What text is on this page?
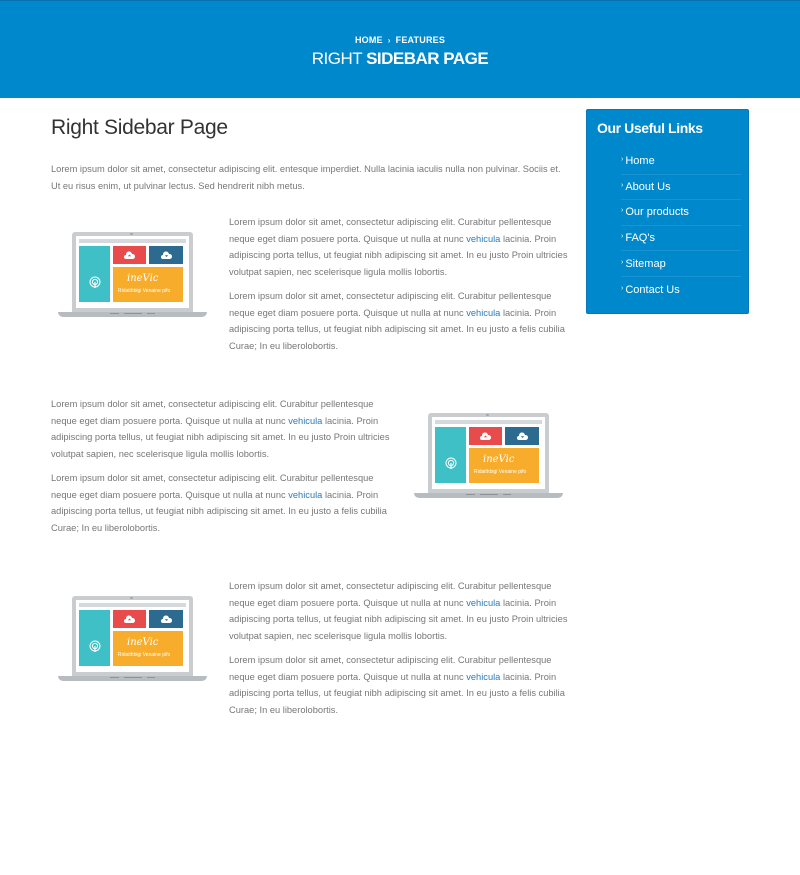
HOME › FEATURES
RIGHT SIDEBAR PAGE
Right Sidebar Page

Lorem ipsum dolor sit amet, consectetur adipiscing elit. entesque imperdiet. Nulla lacinia iaculis nulla non pulvinar. Sociis et. Ut eu risus enim, ut pulvinar lectus. Sed hendrerit nibh metus.

ineVic
Ridaithbigi Venaine pifo

Lorem ipsum dolor sit amet, consectetur adipiscing elit. Curabitur pellentesque neque eget diam posuere porta. Quisque ut nulla at nunc vehicula lacinia. Proin adipiscing porta tellus, ut feugiat nibh adipiscing sit amet. In eu justo Proin ultricies volutpat sapien, nec scelerisque ligula mollis lobortis.

Lorem ipsum dolor sit amet, consectetur adipiscing elit. Curabitur pellentesque neque eget diam posuere porta. Quisque ut nulla at nunc vehicula lacinia. Proin adipiscing porta tellus, ut feugiat nibh adipiscing sit amet. In eu justo a felis cubilia Curae; In eu liberolobortis.

Lorem ipsum dolor sit amet, consectetur adipiscing elit. Curabitur pellentesque neque eget diam posuere porta. Quisque ut nulla at nunc vehicula lacinia. Proin adipiscing porta tellus, ut feugiat nibh adipiscing sit amet. In eu justo Proin ultricies volutpat sapien, nec scelerisque ligula mollis lobortis.

Lorem ipsum dolor sit amet, consectetur adipiscing elit. Curabitur pellentesque neque eget diam posuere porta. Quisque ut nulla at nunc vehicula lacinia. Proin adipiscing porta tellus, ut feugiat nibh adipiscing sit amet. In eu justo a felis cubilia Curae; In eu liberolobortis.

ineVic
Ridaithbigi Venaine pifo
ineVic
Ridaithbigi Venaine pifo

Lorem ipsum dolor sit amet, consectetur adipiscing elit. Curabitur pellentesque neque eget diam posuere porta. Quisque ut nulla at nunc vehicula lacinia. Proin adipiscing porta tellus, ut feugiat nibh adipiscing sit amet. In eu justo Proin ultricies volutpat sapien, nec scelerisque ligula mollis lobortis.

Lorem ipsum dolor sit amet, consectetur adipiscing elit. Curabitur pellentesque neque eget diam posuere porta. Quisque ut nulla at nunc vehicula lacinia. Proin adipiscing porta tellus, ut feugiat nibh adipiscing sit amet. In eu justo a felis cubilia Curae; In eu liberolobortis.

Our Useful Links
› Home
› About Us
› Our products
› FAQ's
› Sitemap
› Contact Us
